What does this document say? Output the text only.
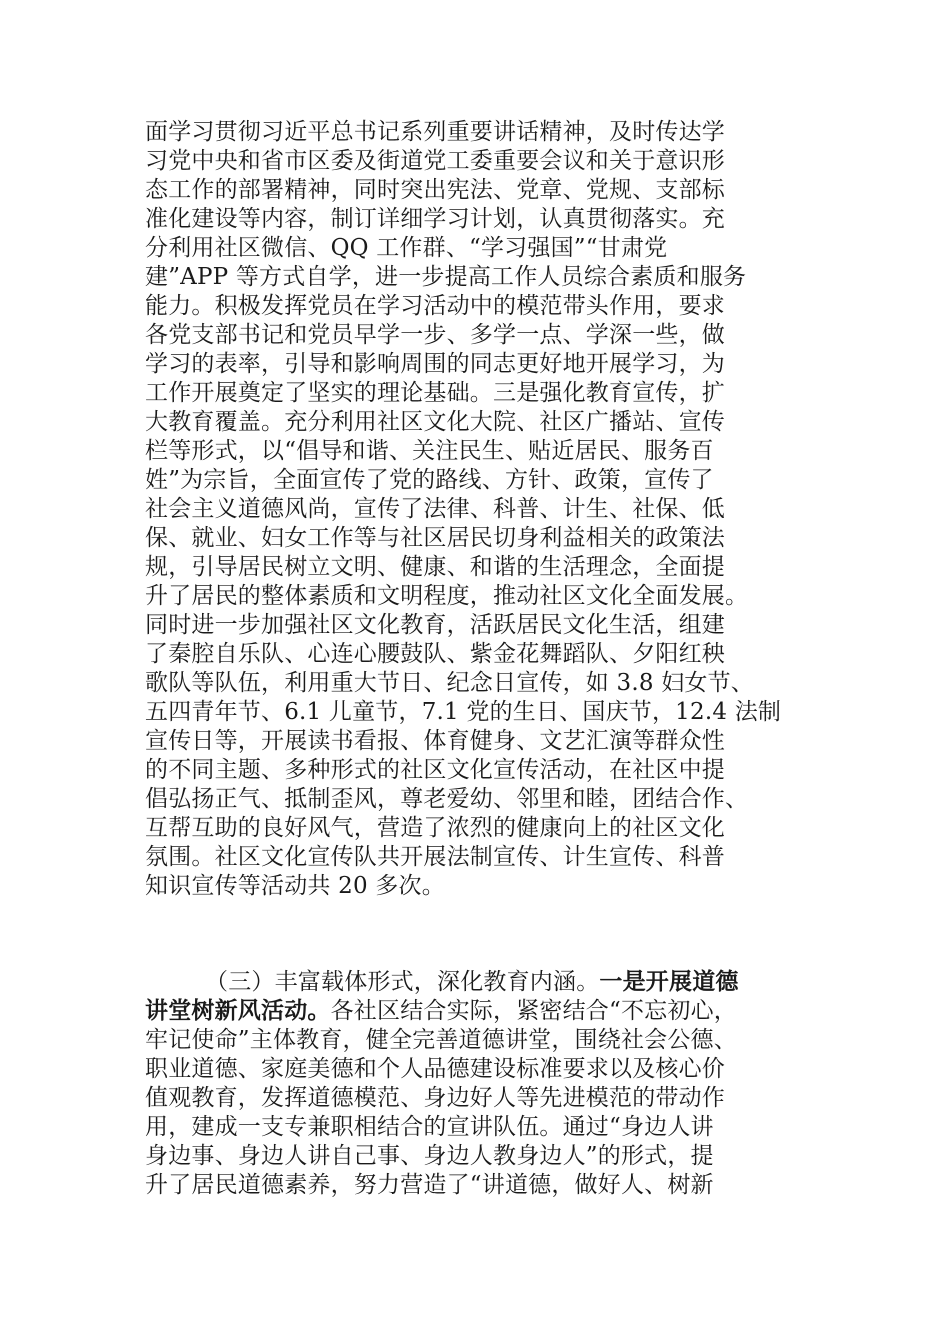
面学习贯彻习近平总书记系列重要讲话精神，及时传达学
习党中央和省市区委及街道党工委重要会议和关于意识形
态工作的部署精神，同时突出宪法、党章、党规、支部标
准化建设等内容，制订详细学习计划，认真贯彻落实。充
分利用社区微信、QQ 工作群、“学习强国”“甘肃党
建”APP 等方式自学，进一步提高工作人员综合素质和服务
能力。积极发挥党员在学习活动中的模范带头作用，要求
各党支部书记和党员早学一步、多学一点、学深一些，做
学习的表率，引导和影响周围的同志更好地开展学习，为
工作开展奠定了坚实的理论基础。三是强化教育宣传，扩
大教育覆盖。充分利用社区文化大院、社区广播站、宣传
栏等形式，以“倡导和谐、关注民生、贴近居民、服务百
姓”为宗旨，全面宣传了党的路线、方针、政策，宣传了
社会主义道德风尚，宣传了法律、科普、计生、社保、低
保、就业、妇女工作等与社区居民切身利益相关的政策法
规，引导居民树立文明、健康、和谐的生活理念，全面提
升了居民的整体素质和文明程度，推动社区文化全面发展。
同时进一步加强社区文化教育，活跃居民文化生活，组建
了秦腔自乐队、心连心腰鼓队、紫金花舞蹈队、夕阳红秧
歌队等队伍，利用重大节日、纪念日宣传，如 3.8 妇女节、
五四青年节、6.1 儿童节，7.1 党的生日、国庆节，12.4 法制
宣传日等，开展读书看报、体育健身、文艺汇演等群众性
的不同主题、多种形式的社区文化宣传活动，在社区中提
倡弘扬正气、抵制歪风，尊老爱幼、邻里和睦，团结合作、
互帮互助的良好风气，营造了浓烈的健康向上的社区文化
氛围。社区文化宣传队共开展法制宣传、计生宣传、科普
知识宣传等活动共 20 多次。
（三）丰富载体形式，深化教育内涵。一是开展道德
讲堂树新风活动。各社区结合实际，紧密结合“不忘初心，
牢记使命”主体教育，健全完善道德讲堂，围绕社会公德、
职业道德、家庭美德和个人品德建设标准要求以及核心价
值观教育，发挥道德模范、身边好人等先进模范的带动作
用，建成一支专兼职相结合的宣讲队伍。通过“身边人讲
身边事、身边人讲自己事、身边人教身边人”的形式，提
升了居民道德素养，努力营造了“讲道德，做好人、树新
